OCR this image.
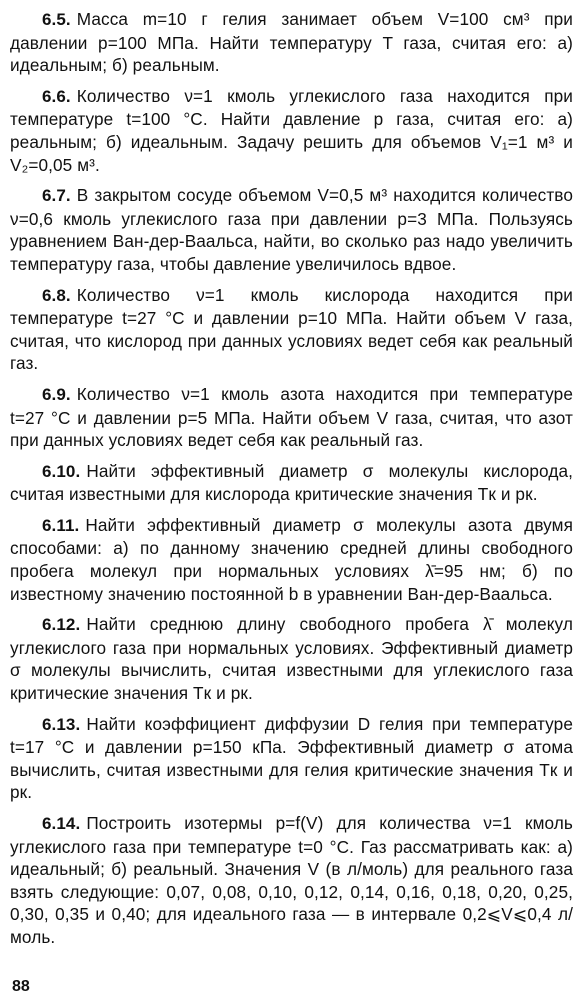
6.5. Масса m=10 г гелия занимает объем V=100 см³ при давлении p=100 МПа. Найти температуру T газа, считая его: а) идеальным; б) реальным.

6.6. Количество ν=1 кмоль углекислого газа находится при температуре t=100 °С. Найти давление p газа, считая его: а) реальным; б) идеальным. Задачу решить для объемов V₁=1 м³ и V₂=0,05 м³.

6.7. В закрытом сосуде объемом V=0,5 м³ находится количество ν=0,6 кмоль углекислого газа при давлении p=3 МПа. Пользуясь уравнением Ван-дер-Ваальса, найти, во сколько раз надо увеличить температуру газа, чтобы давление увеличилось вдвое.

6.8. Количество ν=1 кмоль кислорода находится при температуре t=27 °С и давлении p=10 МПа. Найти объем V газа, считая, что кислород при данных условиях ведет себя как реальный газ.

6.9. Количество ν=1 кмоль азота находится при температуре t=27 °С и давлении p=5 МПа. Найти объем V газа, считая, что азот при данных условиях ведет себя как реальный газ.

6.10. Найти эффективный диаметр σ молекулы кислорода, считая известными для кислорода критические значения Tк и pк.

6.11. Найти эффективный диаметр σ молекулы азота двумя способами: а) по данному значению средней длины свободного пробега молекул при нормальных условиях λ̄=95 нм; б) по известному значению постоянной b в уравнении Ван-дер-Ваальса.

6.12. Найти среднюю длину свободного пробега λ̄ молекул углекислого газа при нормальных условиях. Эффективный диаметр σ молекулы вычислить, считая известными для углекислого газа критические значения Tк и pк.

6.13. Найти коэффициент диффузии D гелия при температуре t=17 °С и давлении p=150 кПа. Эффективный диаметр σ атома вычислить, считая известными для гелия критические значения Tк и pк.

6.14. Построить изотермы p=f(V) для количества ν=1 кмоль углекислого газа при температуре t=0 °С. Газ рассматривать как: а) идеальный; б) реальный. Значения V (в л/моль) для реального газа взять следующие: 0,07, 0,08, 0,10, 0,12, 0,14, 0,16, 0,18, 0,20, 0,25, 0,30, 0,35 и 0,40; для идеального газа — в интервале 0,2⩽V⩽0,4 л/моль.

88
